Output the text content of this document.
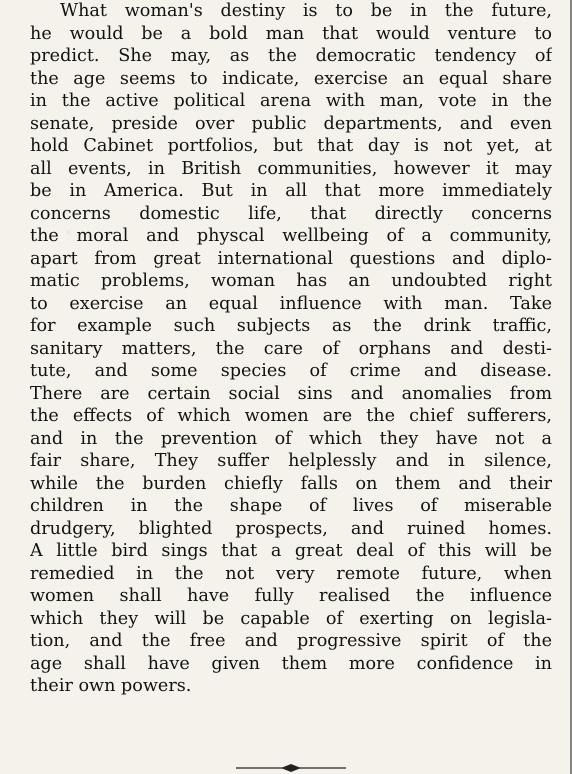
What woman's destiny is to be in the future,
he would be a bold man that would venture to
predict. She may, as the democratic tendency of
the age seems to indicate, exercise an equal share
in the active political arena with man, vote in the
senate, preside over public departments, and even
hold Cabinet portfolios, but that day is not yet, at
all events, in British communities, however it may
be in America. But in all that more immediately
concerns domestic life, that directly concerns
the moral and physcal wellbeing of a community,
apart from great international questions and diplo-
matic problems, woman has an undoubted right
to exercise an equal influence with man. Take
for example such subjects as the drink traffic,
sanitary matters, the care of orphans and desti-
tute, and some species of crime and disease.
There are certain social sins and anomalies from
the effects of which women are the chief sufferers,
and in the prevention of which they have not a
fair share, They suffer helplessly and in silence,
while the burden chiefly falls on them and their
children in the shape of lives of miserable
drudgery, blighted prospects, and ruined homes.
A little bird sings that a great deal of this will be
remedied in the not very remote future, when
women shall have fully realised the influence
which they will be capable of exerting on legisla-
tion, and the free and progressive spirit of the
age shall have given them more confidence in
their own powers.
